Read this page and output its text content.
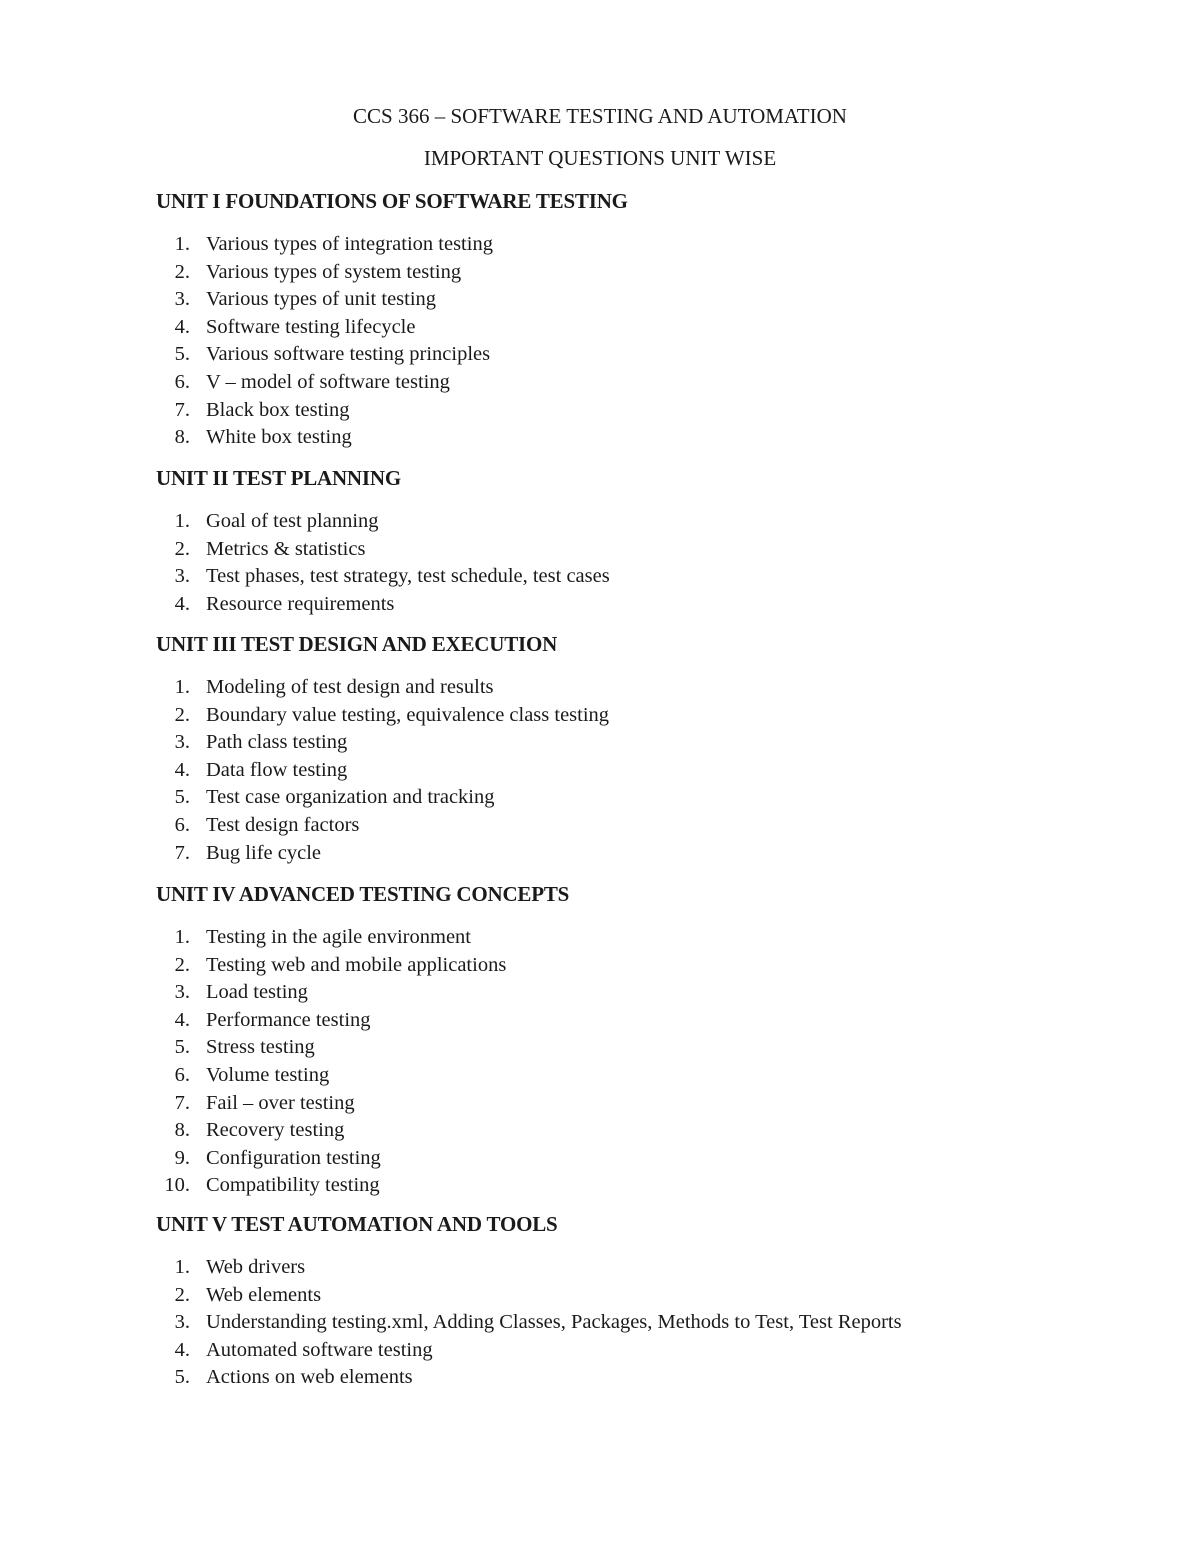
CCS 366 – SOFTWARE TESTING AND AUTOMATION
IMPORTANT QUESTIONS UNIT WISE
UNIT I FOUNDATIONS OF SOFTWARE TESTING
1. Various types of integration testing
2. Various types of system testing
3. Various types of unit testing
4. Software testing lifecycle
5. Various software testing principles
6. V – model of software testing
7. Black box testing
8. White box testing
UNIT II TEST PLANNING
1. Goal of test planning
2. Metrics & statistics
3. Test phases, test strategy, test schedule, test cases
4. Resource requirements
UNIT III TEST DESIGN AND EXECUTION
1. Modeling of test design and results
2. Boundary value testing, equivalence class testing
3. Path class testing
4. Data flow testing
5. Test case organization and tracking
6. Test design factors
7. Bug life cycle
UNIT IV ADVANCED TESTING CONCEPTS
1. Testing in the agile environment
2. Testing web and mobile applications
3. Load testing
4. Performance testing
5. Stress testing
6. Volume testing
7. Fail – over testing
8. Recovery testing
9. Configuration testing
10. Compatibility testing
UNIT V TEST AUTOMATION AND TOOLS
1. Web drivers
2. Web elements
3. Understanding testing.xml, Adding Classes, Packages, Methods to Test, Test Reports
4. Automated software testing
5. Actions on web elements
